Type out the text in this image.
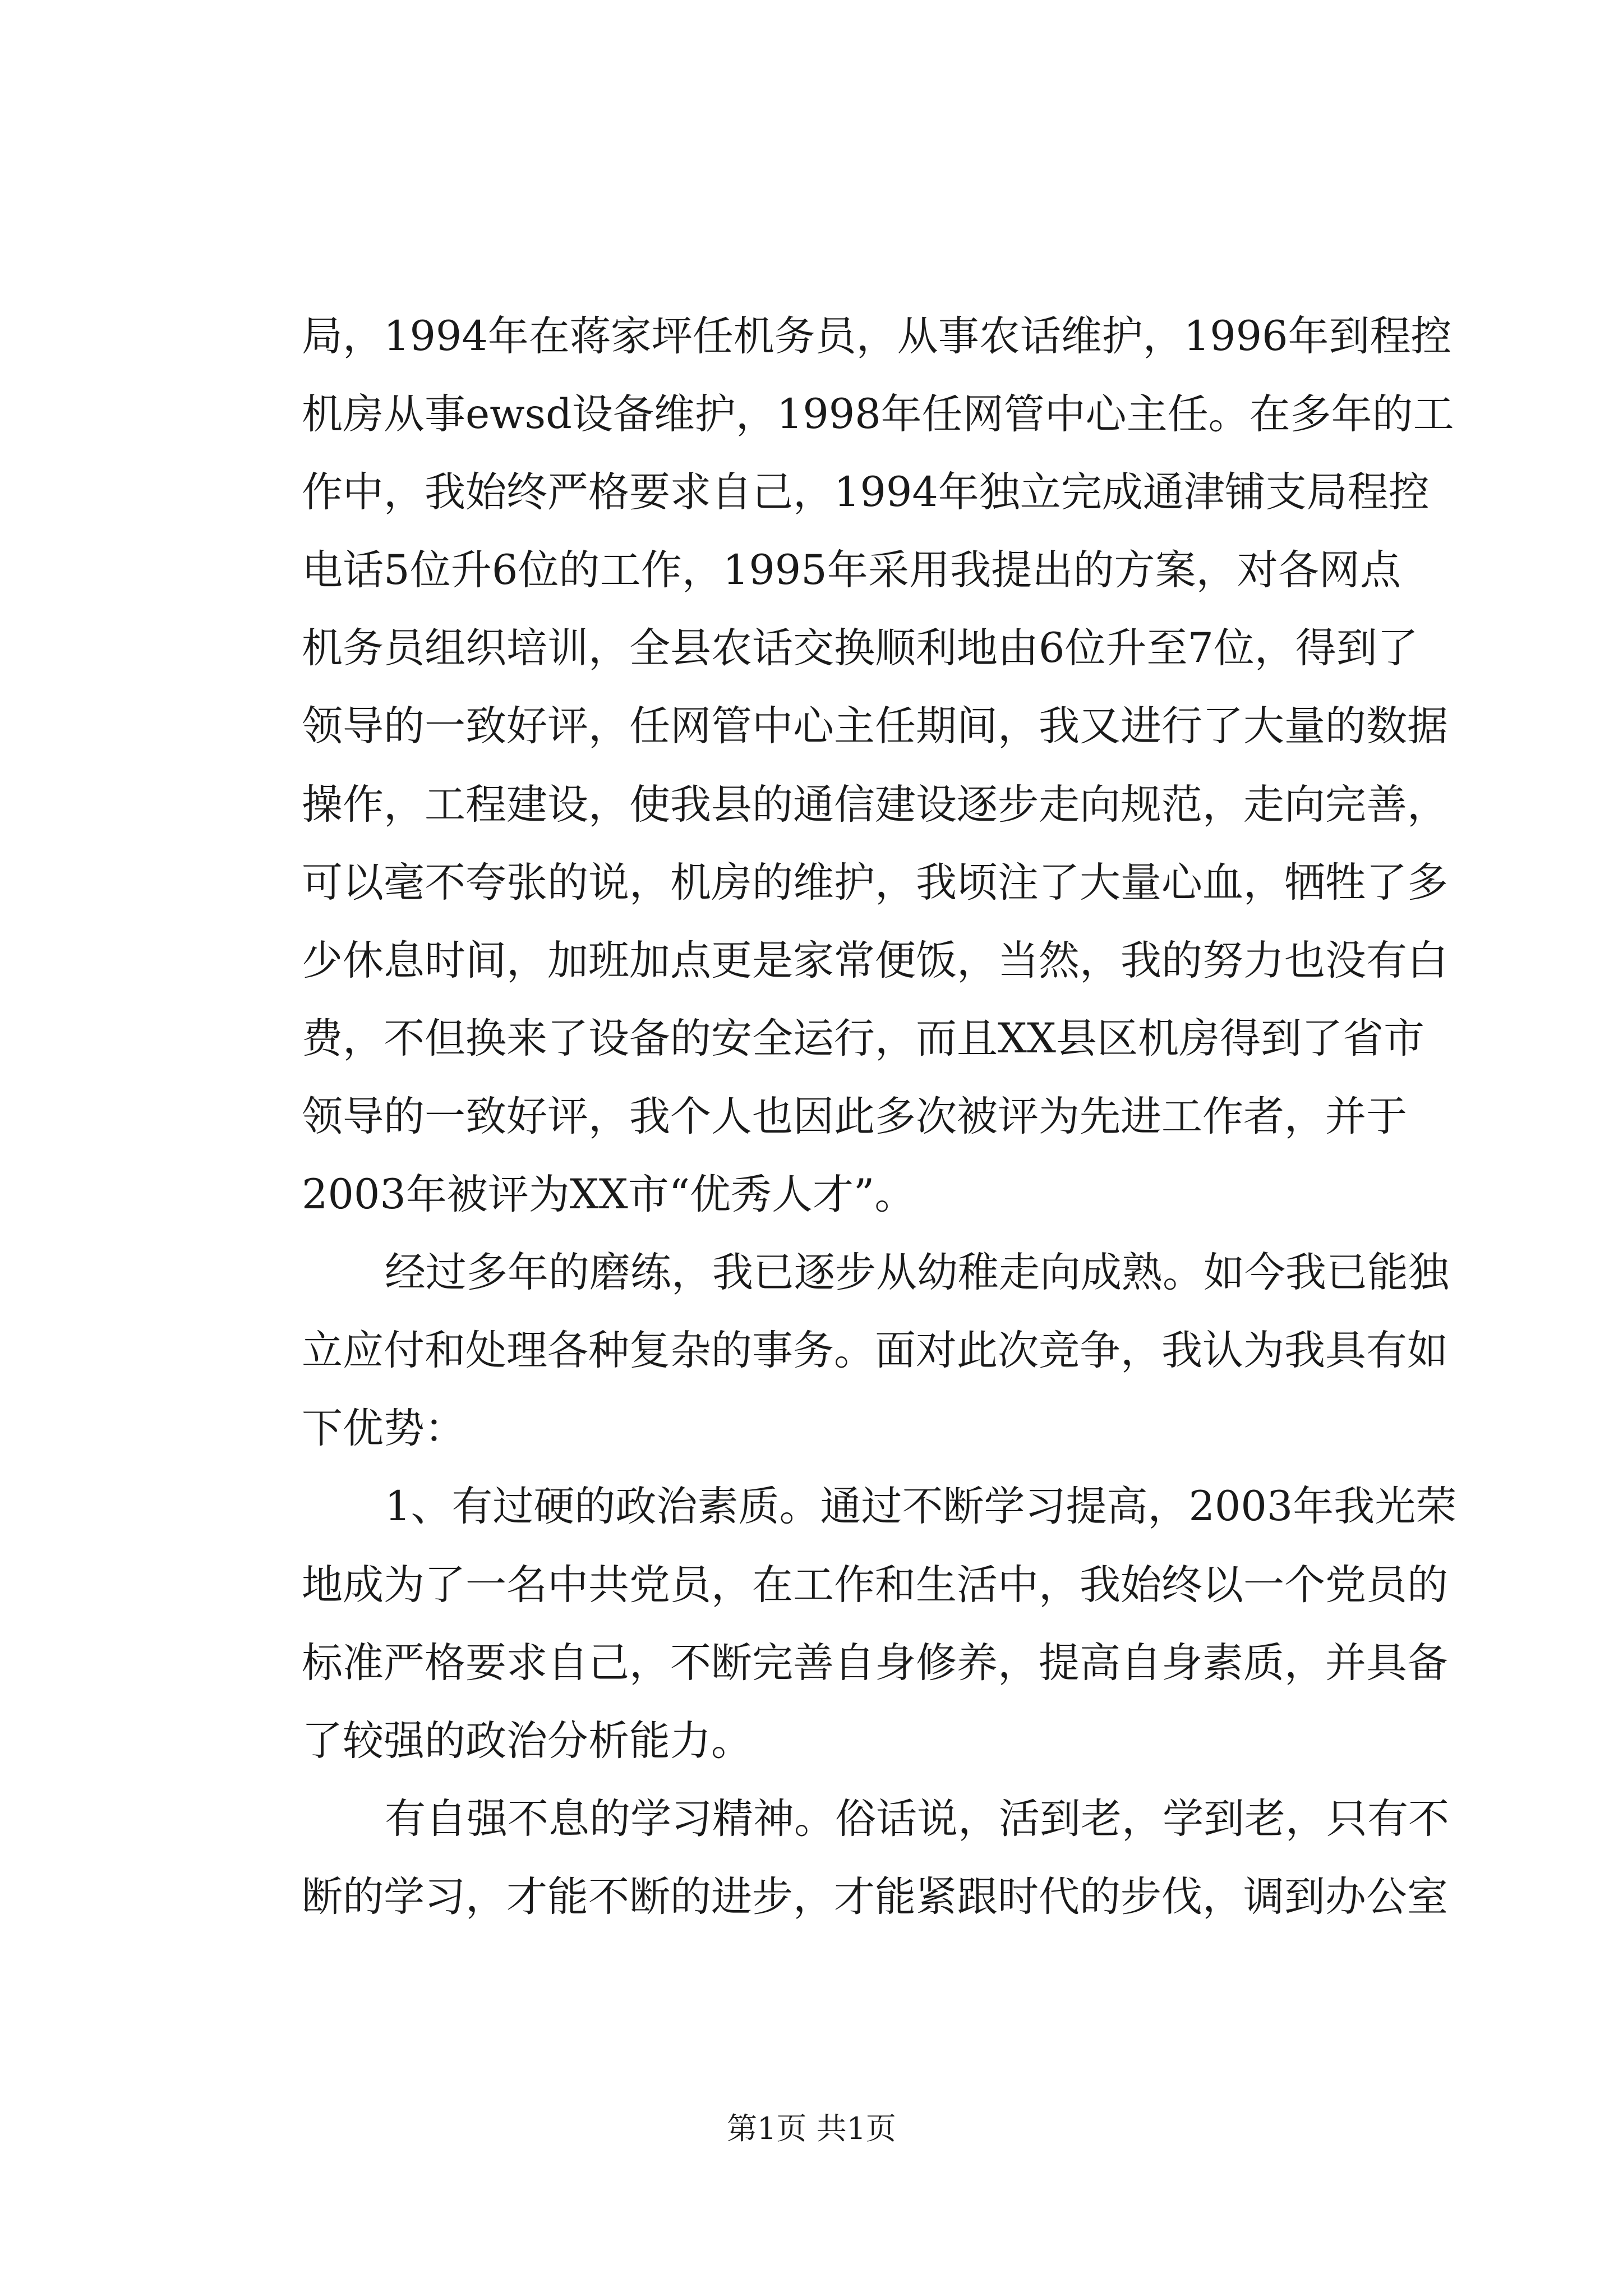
局，1994年在蒋家坪任机务员，从事农话维护，1996年到程控
机房从事ewsd设备维护，1998年任网管中心主任。在多年的工
作中，我始终严格要求自己，1994年独立完成通津铺支局程控
电话5位升6位的工作，1995年采用我提出的方案，对各网点
机务员组织培训，全县农话交换顺利地由6位升至7位，得到了
领导的一致好评，任网管中心主任期间，我又进行了大量的数据
操作，工程建设，使我县的通信建设逐步走向规范，走向完善，
可以毫不夸张的说，机房的维护，我顷注了大量心血，牺牲了多
少休息时间，加班加点更是家常便饭，当然，我的努力也没有白
费，不但换来了设备的安全运行，而且XX县区机房得到了省市
领导的一致好评，我个人也因此多次被评为先进工作者，并于
2003年被评为XX市“优秀人才”。
经过多年的磨练，我已逐步从幼稚走向成熟。如今我已能独
立应付和处理各种复杂的事务。面对此次竞争，我认为我具有如
下优势：
1、有过硬的政治素质。通过不断学习提高，2003年我光荣
地成为了一名中共党员，在工作和生活中，我始终以一个党员的
标准严格要求自己，不断完善自身修养，提高自身素质，并具备
了较强的政治分析能力。
有自强不息的学习精神。俗话说，活到老，学到老，只有不
断的学习，才能不断的进步，才能紧跟时代的步伐，调到办公室
第1页 共1页
